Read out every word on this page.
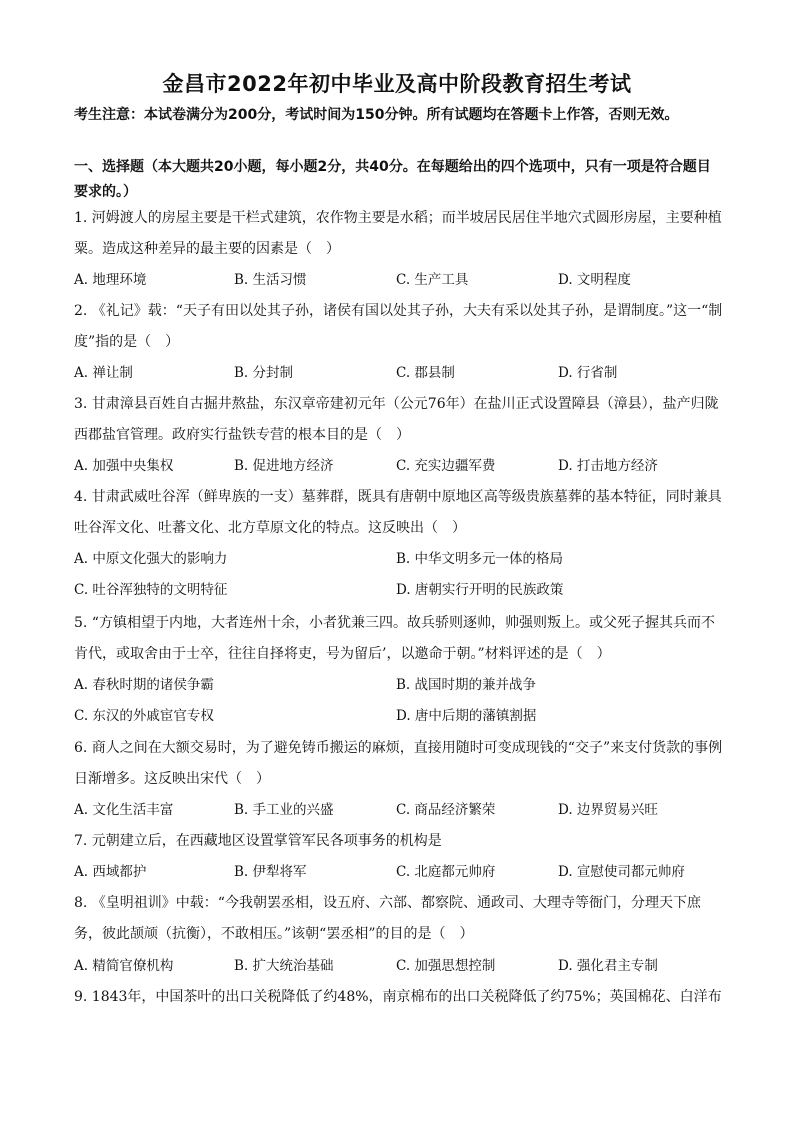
金昌市2022年初中毕业及高中阶段教育招生考试
考生注意：本试卷满分为200分，考试时间为150分钟。所有试题均在答题卡上作答，否则无效。
一、选择题（本大题共20小题，每小题2分，共40分。在每题给出的四个选项中，只有一项是符合题目要求的。）
1. 河姆渡人的房屋主要是干栏式建筑，农作物主要是水稻；而半坡居民居住半地穴式圆形房屋，主要种植粟。造成这种差异的最主要的因素是（　）
A. 地理环境	B. 生活习惯	C. 生产工具	D. 文明程度
2. 《礼记》载：“天子有田以处其子孙，诸侯有国以处其子孙，大夫有采以处其子孙，是谓制度。”这一“制度”指的是（　）
A. 禅让制	B. 分封制	C. 郡县制	D. 行省制
3. 甘肃漳县百姓自古掘井熬盐，东汉章帝建初元年（公元76年）在盐川正式设置障县（漳县），盐产归陇西郡盐官管理。政府实行盐铁专营的根本目的是（　）
A. 加强中央集权	B. 促进地方经济	C. 充实边疆军费	D. 打击地方经济
4. 甘肃武威吐谷浑（鲜卑族的一支）墓葬群，既具有唐朝中原地区高等级贵族墓葬的基本特征，同时兼具吐谷浑文化、吐蕃文化、北方草原文化的特点。这反映出（　）
A. 中原文化强大的影响力	B. 中华文明多元一体的格局
C. 吐谷浑独特的文明特征	D. 唐朝实行开明的民族政策
5. “方镇相望于内地，大者连州十余，小者犹兼三四。故兵骄则逐帅，帅强则叛上。或父死子握其兵而不肯代，或取舍由于士卒，往往自择将吏，号为留后’，以邀命于朝。”材料评述的是（　）
A. 春秋时期的诸侯争霸	B. 战国时期的兼并战争
C. 东汉的外戚宦官专权	D. 唐中后期的藩镇割据
6. 商人之间在大额交易时，为了避免铸币搬运的麻烦，直接用随时可变成现钱的“交子”来支付货款的事例日渐增多。这反映出宋代（　）
A. 文化生活丰富	B. 手工业的兴盛	C. 商品经济繁荣	D. 边界贸易兴旺
7. 元朝建立后，在西藏地区设置掌管军民各项事务的机构是
A. 西域都护	B. 伊犁将军	C. 北庭都元帅府	D. 宣慰使司都元帅府
8. 《皇明祖训》中载：“今我朝罢丞相，设五府、六部、都察院、通政司、大理寺等衙门，分理天下庶务，彼此颉颃（抗衡），不敢相压。”该朝“罢丞相”的目的是（　）
A. 精简官僚机构	B. 扩大统治基础	C. 加强思想控制	D. 强化君主专制
9. 1843年，中国茶叶的出口关税降低了约48%，南京棉布的出口关税降低了约75%；英国棉花、白洋布
